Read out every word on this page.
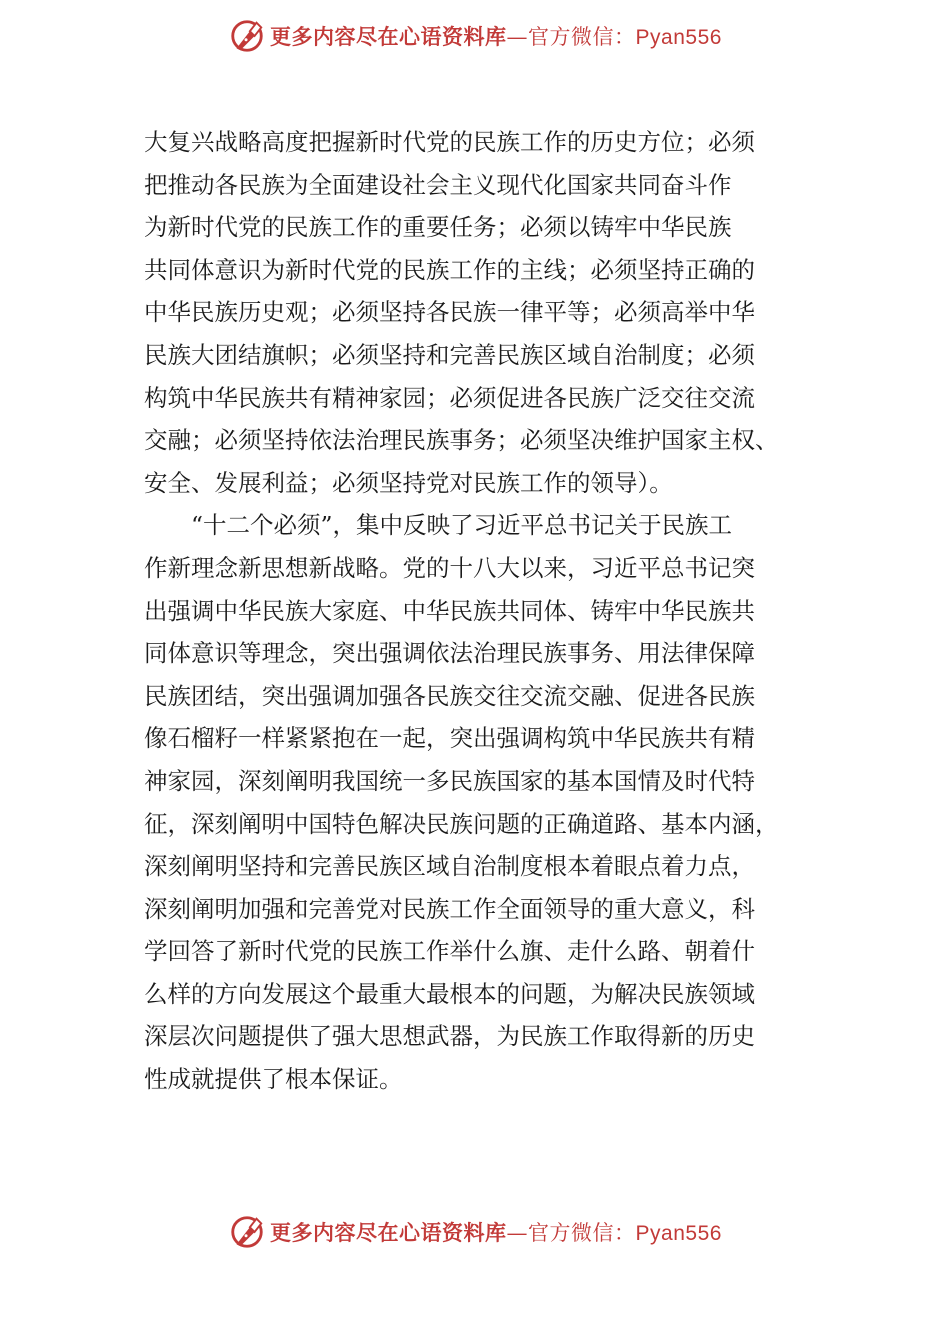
更多内容尽在心语资料库—官方微信：Pyan556
大复兴战略高度把握新时代党的民族工作的历史方位；必须
把推动各民族为全面建设社会主义现代化国家共同奋斗作
为新时代党的民族工作的重要任务；必须以铸牢中华民族
共同体意识为新时代党的民族工作的主线；必须坚持正确的
中华民族历史观；必须坚持各民族一律平等；必须高举中华
民族大团结旗帜；必须坚持和完善民族区域自治制度；必须
构筑中华民族共有精神家园；必须促进各民族广泛交往交流
交融；必须坚持依法治理民族事务；必须坚决维护国家主权、
安全、发展利益；必须坚持党对民族工作的领导）。
　　“十二个必须”，集中反映了习近平总书记关于民族工
作新理念新思想新战略。党的十八大以来，习近平总书记突
出强调中华民族大家庭、中华民族共同体、铸牢中华民族共
同体意识等理念，突出强调依法治理民族事务、用法律保障
民族团结，突出强调加强各民族交往交流交融、促进各民族
像石榴籽一样紧紧抱在一起，突出强调构筑中华民族共有精
神家园，深刻阐明我国统一多民族国家的基本国情及时代特
征，深刻阐明中国特色解决民族问题的正确道路、基本内涵，
深刻阐明坚持和完善民族区域自治制度根本着眼点着力点，
深刻阐明加强和完善党对民族工作全面领导的重大意义，科
学回答了新时代党的民族工作举什么旗、走什么路、朝着什
么样的方向发展这个最重大最根本的问题，为解决民族领域
深层次问题提供了强大思想武器，为民族工作取得新的历史
性成就提供了根本保证。
更多内容尽在心语资料库—官方微信：Pyan556
